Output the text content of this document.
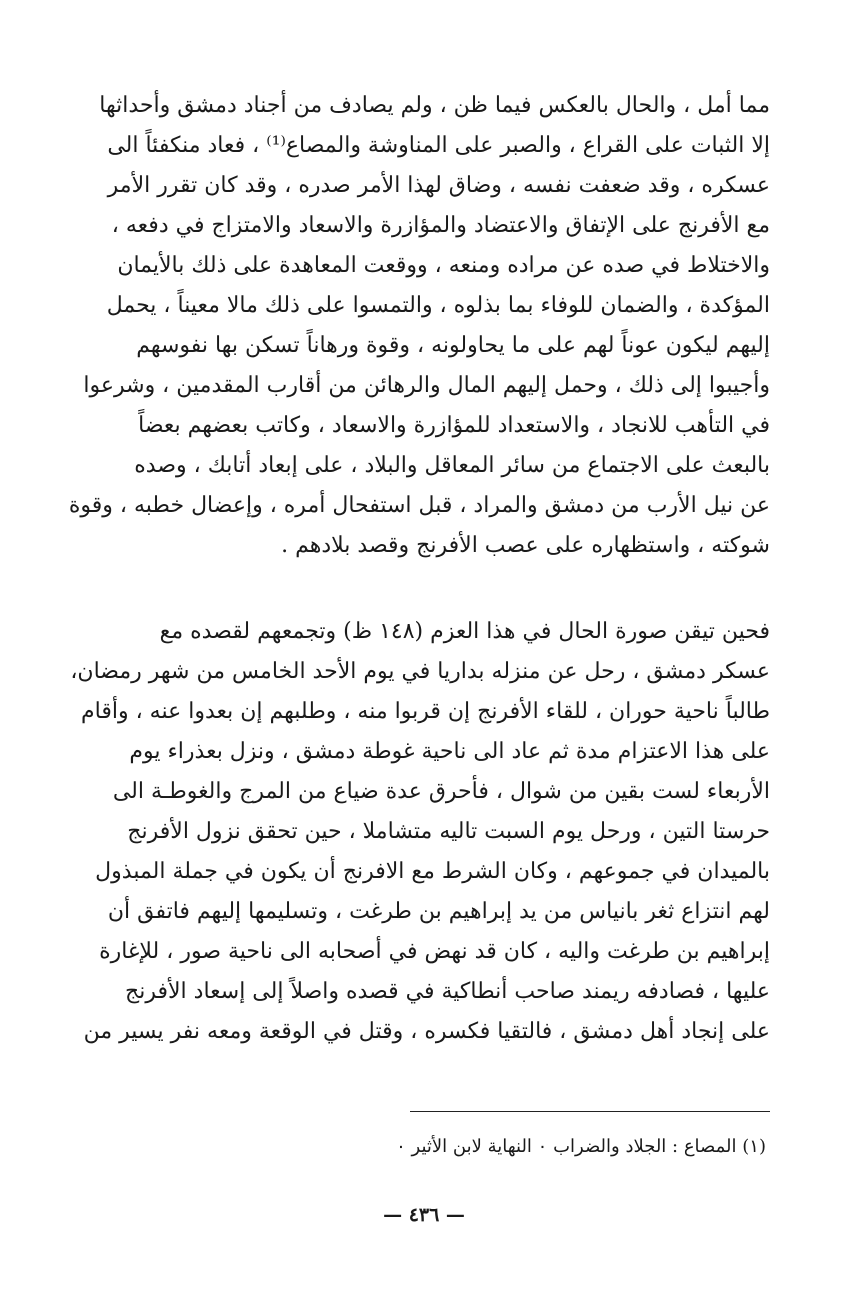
مما أمل ، والحال بالعكس فيما ظن ، ولم يصادف من أجناد دمشق وأحداثها
إلا الثبات على القراع ، والصبر على المناوشة والمصاع⁽¹⁾ ، فعاد منكفئاً الى
عسكره ، وقد ضعفت نفسه ، وضاق لهذا الأمر صدره ، وقد كان تقرر الأمر
مع الأفرنج على الإتفاق والاعتضاد والمؤازرة والاسعاد والامتزاج في دفعه ،
والاختلاط في صده عن مراده ومنعه ، ووقعت المعاهدة على ذلك بالأيمان
المؤكدة ، والضمان للوفاء بما بذلوه ، والتمسوا على ذلك مالا معيناً ، يحمل
إليهم ليكون عوناً لهم على ما يحاولونه ، وقوة ورهاناً تسكن بها نفوسهم
وأجيبوا إلى ذلك ، وحمل إليهم المال والرهائن من أقارب المقدمين ، وشرعوا
في التأهب للانجاد ، والاستعداد للمؤازرة والاسعاد ، وكاتب بعضهم بعضاً
بالبعث على الاجتماع من سائر المعاقل والبلاد ، على إبعاد أتابك ، وصده
عن نيل الأرب من دمشق والمراد ، قبل استفحال أمره ، وإعضال خطبه ، وقوة
شوكته ، واستظهاره على عصب الأفرنج وقصد بلادهم .
فحين تيقن صورة الحال في هذا العزم (١٤٨ ظ) وتجمعهم لقصده مع
عسكر دمشق ، رحل عن منزله بداريا في يوم الأحد الخامس من شهر رمضان،
طالباً ناحية حوران ، للقاء الأفرنج إن قربوا منه ، وطلبهم إن بعدوا عنه ، وأقام
على هذا الاعتزام مدة ثم عاد الى ناحية غوطة دمشق ، ونزل بعذراء يوم
الأربعاء لست بقين من شوال ، فأحرق عدة ضياع من المرج والغوطـة الى
حرستا التين ، ورحل يوم السبت تاليه متشاملا ، حين تحقق نزول الأفرنج
بالميدان في جموعهم ، وكان الشرط مع الافرنج أن يكون في جملة المبذول
لهم انتزاع ثغر بانياس من يد إبراهيم بن طرغت ، وتسليمها إليهم فاتفق أن
إبراهيم بن طرغت واليه ، كان قد نهض في أصحابه الى ناحية صور ، للإغارة
عليها ، فصادفه ريمند صاحب أنطاكية في قصده واصلاً إلى إسعاد الأفرنج
على إنجاد أهل دمشق ، فالتقيا فكسره ، وقتل في الوقعة ومعه نفر يسير من
(١) المصاع : الجلاد والضراب ٠ النهاية لابن الأثير ٠
— ٤٣٦ —
